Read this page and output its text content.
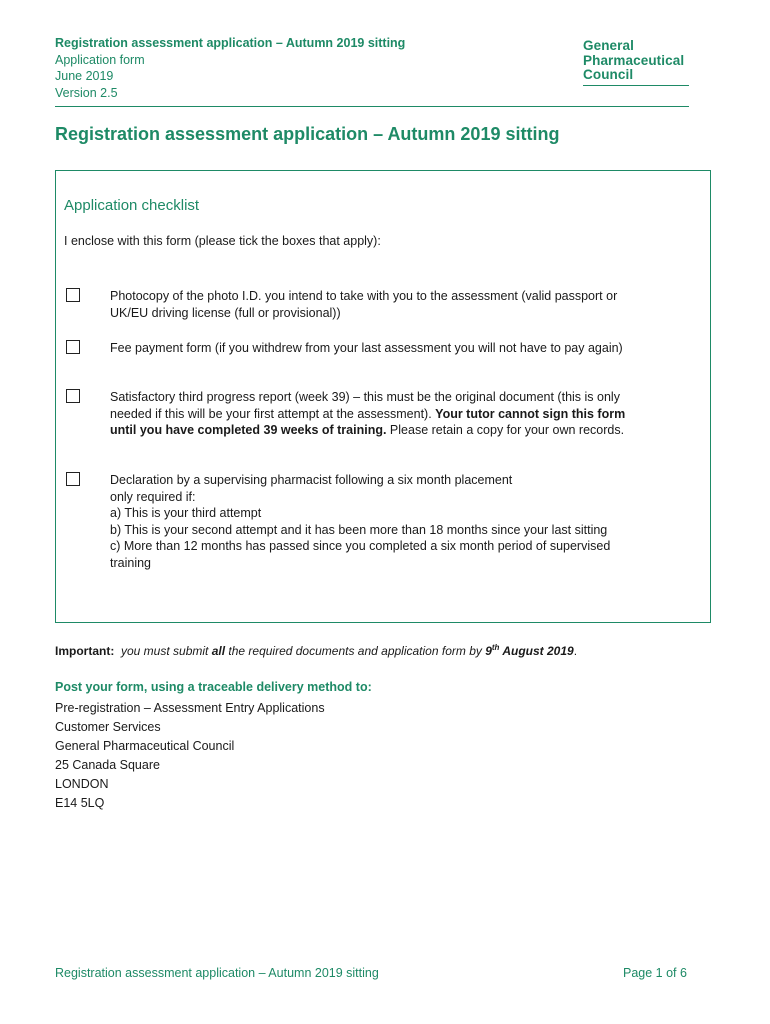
Registration assessment application – Autumn 2019 sitting
Application form
June 2019
Version 2.5
General
Pharmaceutical
Council
Registration assessment application – Autumn 2019 sitting
Application checklist
I enclose with this form (please tick the boxes that apply):
Photocopy of the photo I.D. you intend to take with you to the assessment (valid passport or UK/EU driving license (full or provisional))
Fee payment form (if you withdrew from your last assessment you will not have to pay again)
Satisfactory third progress report (week 39) – this must be the original document (this is only needed if this will be your first attempt at the assessment). Your tutor cannot sign this form until you have completed 39 weeks of training. Please retain a copy for your own records.
Declaration by a supervising pharmacist following a six month placement
only required if:
a) This is your third attempt
b) This is your second attempt and it has been more than 18 months since your last sitting
c) More than 12 months has passed since you completed a six month period of supervised training
Important: you must submit all the required documents and application form by 9th August 2019.
Post your form, using a traceable delivery method to:
Pre-registration – Assessment Entry Applications
Customer Services
General Pharmaceutical Council
25 Canada Square
LONDON
E14 5LQ
Registration assessment application – Autumn 2019 sitting	Page 1 of 6
